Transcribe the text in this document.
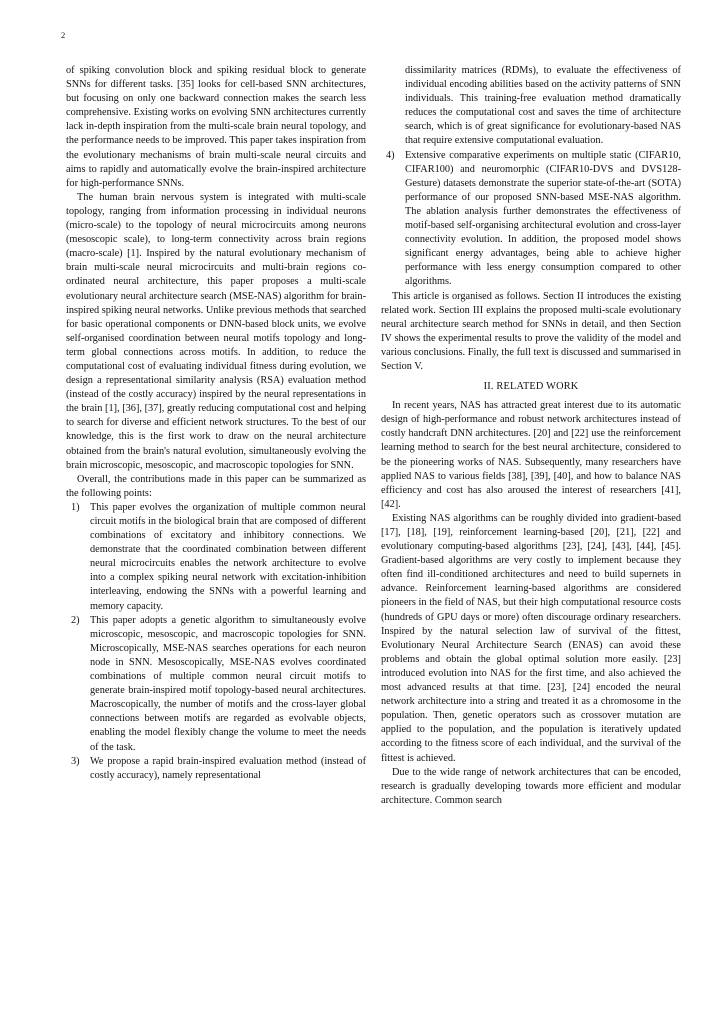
2

of spiking convolution block and spiking residual block to generate SNNs for different tasks. [35] looks for cell-based SNN architectures, but focusing on only one backward connection makes the search less comprehensive. Existing works on evolving SNN architectures currently lack in-depth inspiration from the multi-scale brain neural topology, and the performance needs to be improved. This paper takes inspiration from the evolutionary mechanisms of brain multi-scale neural circuits and aims to rapidly and automatically evolve the brain-inspired architecture for high-performance SNNs.

The human brain nervous system is integrated with multi-scale topology, ranging from information processing in individual neurons (micro-scale) to the topology of neural microcircuits among neurons (mesoscopic scale), to long-term connectivity across brain regions (macro-scale) [1]. Inspired by the natural evolutionary mechanism of brain multi-scale neural microcircuits and multi-brain regions co-ordinated neural architecture, this paper proposes a multi-scale evolutionary neural architecture search (MSE-NAS) algorithm for brain-inspired spiking neural networks. Unlike previous methods that searched for basic operational components or DNN-based block units, we evolve self-organised coordination between neural motifs topology and long-term global connections across motifs. In addition, to reduce the computational cost of evaluating individual fitness during evolution, we design a representational similarity analysis (RSA) evaluation method (instead of the costly accuracy) inspired by the neural representations in the brain [1], [36], [37], greatly reducing computational cost and helping to search for diverse and efficient network structures. To the best of our knowledge, this is the first work to draw on the neural architecture obtained from the brain's natural evolution, simultaneously evolving the brain microscopic, mesoscopic, and macroscopic topologies for SNN.

Overall, the contributions made in this paper can be summarized as the following points:

1) This paper evolves the organization of multiple common neural circuit motifs in the biological brain that are composed of different combinations of excitatory and inhibitory connections. We demonstrate that the coordinated combination between different neural microcircuits enables the network architecture to evolve into a complex spiking neural network with excitation-inhibition interleaving, endowing the SNNs with a powerful learning and memory capacity.
2) This paper adopts a genetic algorithm to simultaneously evolve microscopic, mesoscopic, and macroscopic topologies for SNN. Microscopically, MSE-NAS searches operations for each neuron node in SNN. Mesoscopically, MSE-NAS evolves coordinated combinations of multiple common neural circuit motifs to generate brain-inspired motif topology-based neural architectures. Macroscopically, the number of motifs and the cross-layer global connections between motifs are regarded as evolvable objects, enabling the model flexibly change the volume to meet the needs of the task.
3) We propose a rapid brain-inspired evaluation method (instead of costly accuracy), namely representational
dissimilarity matrices (RDMs), to evaluate the effectiveness of individual encoding abilities based on the activity patterns of SNN individuals. This training-free evaluation method dramatically reduces the computational cost and saves the time of architecture search, which is of great significance for evolutionary-based NAS that require extensive computational evaluation.
4) Extensive comparative experiments on multiple static (CIFAR10, CIFAR100) and neuromorphic (CIFAR10-DVS and DVS128-Gesture) datasets demonstrate the superior state-of-the-art (SOTA) performance of our proposed SNN-based MSE-NAS algorithm. The ablation analysis further demonstrates the effectiveness of motif-based self-organising architectural evolution and cross-layer connectivity evolution. In addition, the proposed model shows significant energy advantages, being able to achieve higher performance with less energy consumption compared to other algorithms.

This article is organised as follows. Section II introduces the existing related work. Section III explains the proposed multi-scale evolutionary neural architecture search method for SNNs in detail, and then Section IV shows the experimental results to prove the validity of the model and various conclusions. Finally, the full text is discussed and summarised in Section V.

II. RELATED WORK

In recent years, NAS has attracted great interest due to its automatic design of high-performance and robust network architectures instead of costly handcraft DNN architectures. [20] and [22] use the reinforcement learning method to search for the best neural architecture, considered to be the pioneering works of NAS. Subsequently, many researchers have applied NAS to various fields [38], [39], [40], and how to balance NAS efficiency and cost has also aroused the interest of researchers [41], [42].

Existing NAS algorithms can be roughly divided into gradient-based [17], [18], [19], reinforcement learning-based [20], [21], [22] and evolutionary computing-based algorithms [23], [24], [43], [44], [45]. Gradient-based algorithms are very costly to implement because they often find ill-conditioned architectures and need to build supernets in advance. Reinforcement learning-based algorithms are considered pioneers in the field of NAS, but their high computational resource costs (hundreds of GPU days or more) often discourage ordinary researchers. Inspired by the natural selection law of survival of the fittest, Evolutionary Neural Architecture Search (ENAS) can avoid these problems and obtain the global optimal solution more easily. [23] introduced evolution into NAS for the first time, and also achieved the most advanced results at that time. [23], [24] encoded the neural network architecture into a string and treated it as a chromosome in the population. Then, genetic operators such as crossover mutation are applied to the population, and the population is iteratively updated according to the fitness score of each individual, and the survival of the fittest is achieved.

Due to the wide range of network architectures that can be encoded, research is gradually developing towards more efficient and modular architecture. Common search
